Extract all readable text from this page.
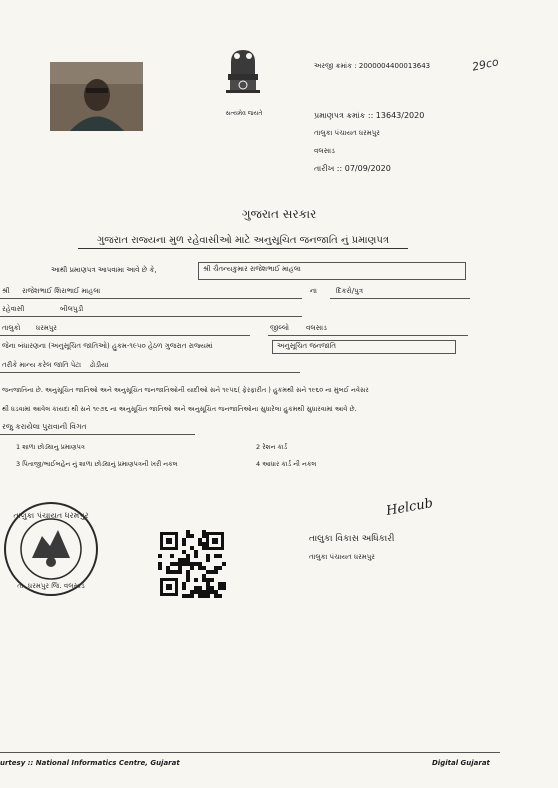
સત્યમેવ જયતે
અરજી ક્રમાંક : 2000004400013643	29co
પ્રમાણપત્ર ક્રમાંક :: 13643/2020
તાલુકા પંચાયત ધરમપુર
વલસાડ
તારીખ :: 07/09/2020
ગુજરાત સરકાર
ગુજરાત રાજ્યના મુળ રહેવાસીઓ માટે અનુસૂચિત જનજાતિ નું પ્રમાણપત્ર
આથી પ્રમાણપત્ર આપવામા આવે છે કે,	શ્રી ચૈતન્યકુમાર રાજેશભાઈ માહલા
શ્રી રાજેશભાઈ શિરાભાઈ માહલા	ના	દિકરો/પુત્ર
રહેવાસી	બીલપુડી
તાલુકો ધરમપુર	જીલ્લો વલસાડ
જેના બંધારણના (અનુસૂચિત જાતિઓ) હુકમ-૧૯૫૦ હેઠળ ગુજરાત રાજ્યમાં	અનુસૂચિત જનજાતિ
તરીકે માન્ય કરેલ જાતિ પેટા ઢોડીયા
જનજાતિના છે. અનુસૂચિત જાતિઓ અને અનુસૂચિત જનજાતિઓની યાદીઓ સને ૧૯૫૬( ફેરફારીત ) હુકમથી સને ૧૯૬૦ ના મુંબઈ નવેસર
થી ધડવામાં આવેલ કાયદા થી સને ૧૯૭૬ ના અનુસૂચિત જાતિઓ અને અનુસૂચિત જનજાતિઓના સુધારેલા હુકમથી સુધારવામાં આવે છે.
રજુ કરાયેલા પુરાવાની વિગત
1 શાળા છોડ્યાનુ પ્રમાણપત્ર	2 રેશન કાર્ડ
3 પિતાજી/ભાઈબહેન નું શાળા છોડ્યાનું પ્રમાણપત્રની ખરી નકલ	4 આધાર કાર્ડ ની નકલ
તાલુકા પંચાયત ધરમપુર
તા. ધરમપુર જિ. વલસાડ
Helcub
તાલુકા વિકાસ અધિકારી
તાલુકા પંચાયત ધરમપુર
urtesy :: National Informatics Centre, Gujarat	Digital Gujarat
